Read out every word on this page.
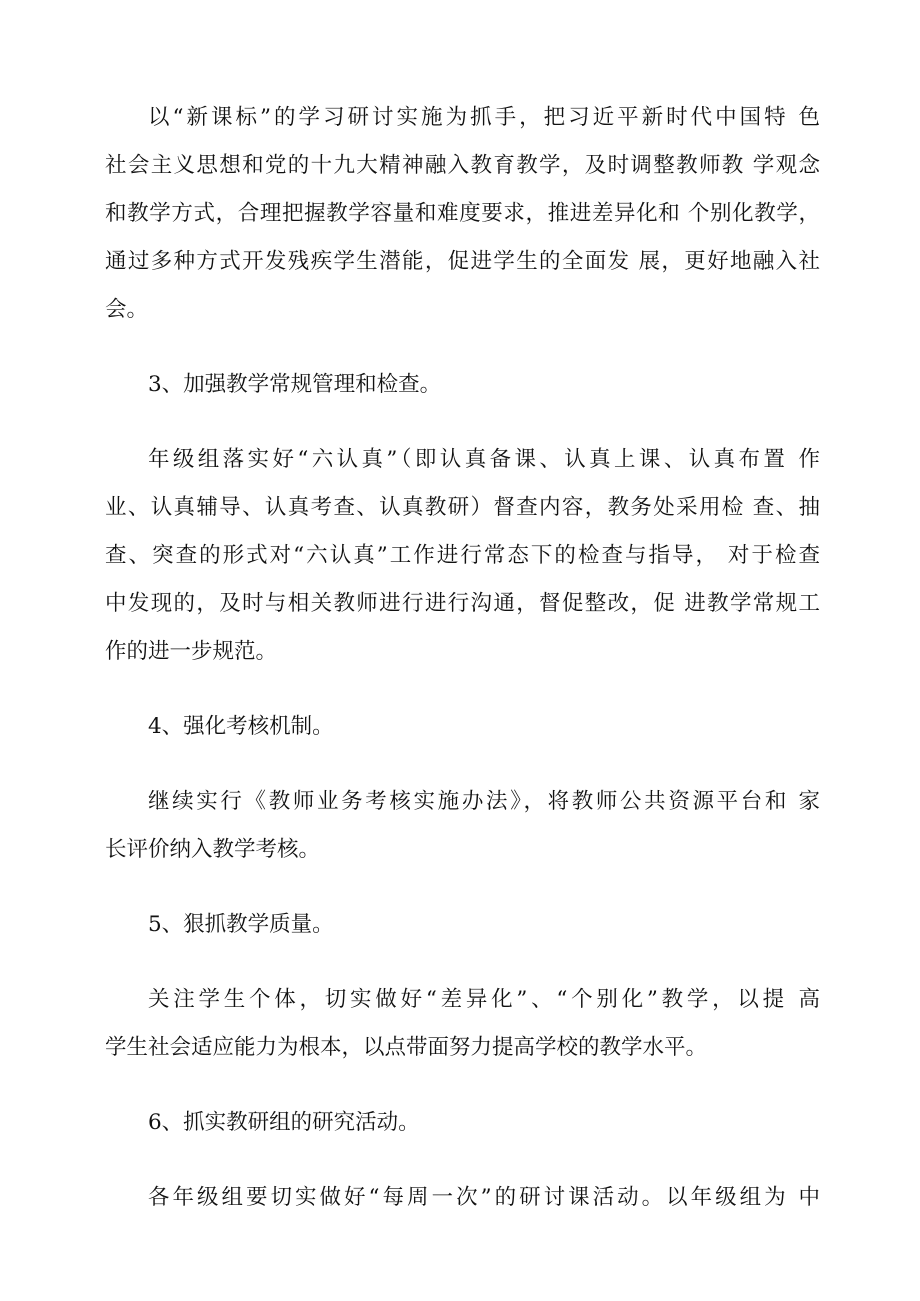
以“新课标”的学习研讨实施为抓手，把习近平新时代中国特 色
社会主义思想和党的十九大精神融入教育教学，及时调整教师教 学观念
和教学方式，合理把握教学容量和难度要求，推进差异化和 个别化教学，
通过多种方式开发残疾学生潜能，促进学生的全面发 展，更好地融入社
会。

3、加强教学常规管理和检查。

年级组落实好“六认真”（即认真备课、认真上课、认真布置 作
业、认真辅导、认真考查、认真教研）督查内容，教务处采用检 查、抽
查、突查的形式对“六认真”工作进行常态下的检查与指导， 对于检查
中发现的，及时与相关教师进行进行沟通，督促整改，促 进教学常规工
作的进一步规范。

4、强化考核机制。

继续实行《教师业务考核实施办法》，将教师公共资源平台和 家
长评价纳入教学考核。

5、狠抓教学质量。

关注学生个体，切实做好“差异化”、“个别化”教学，以提 高
学生社会适应能力为根本，以点带面努力提高学校的教学水平。

6、抓实教研组的研究活动。

各年级组要切实做好“每周一次”的研讨课活动。以年级组为 中
